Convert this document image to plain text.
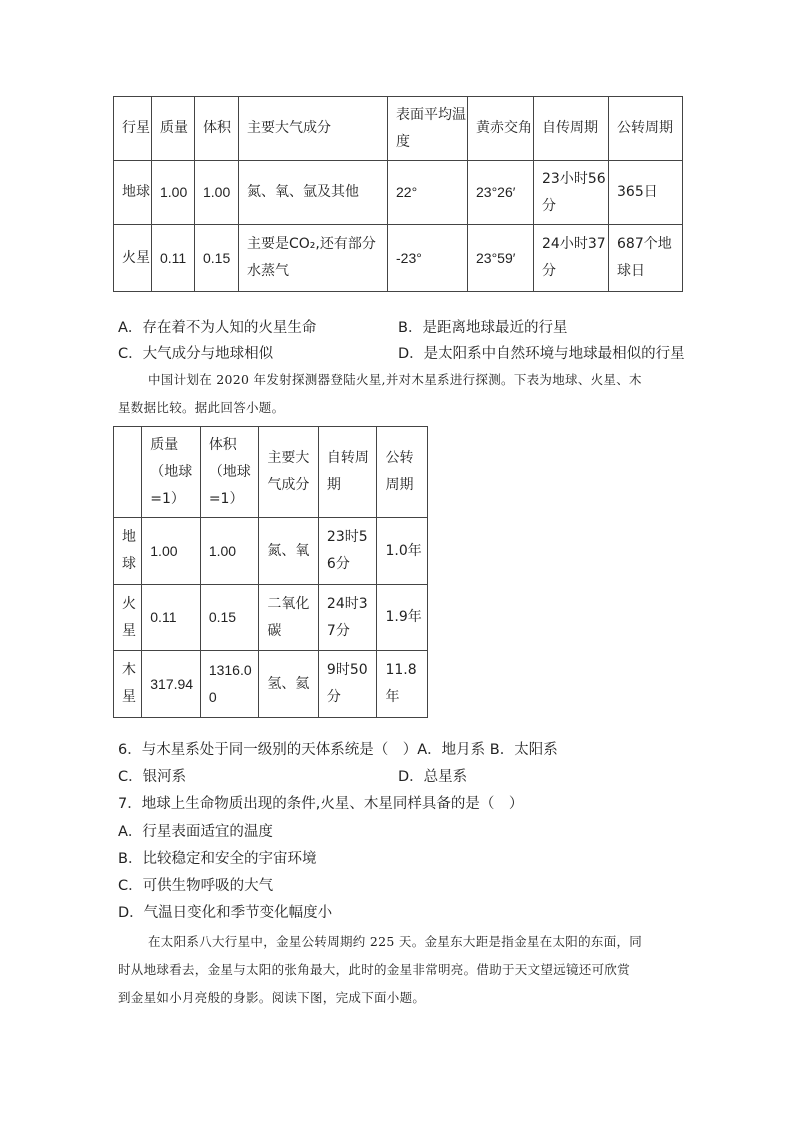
行星	质量	体积	主要大气成分	表面平均温度	黄赤交角	自传周期	公转周期
地球	1.00	1.00	氮、氧、氩及其他	22°	23°26′	23小时56分	365日
火星	0.11	0.15	主要是CO₂,还有部分水蒸气	-23°	23°59′	24小时37分	687个地球日
A．存在着不为人知的火星生命	B．是距离地球最近的行星
C．大气成分与地球相似	D．是太阳系中自然环境与地球最相似的行星
中国计划在 2020 年发射探测器登陆火星,并对木星系进行探测。下表为地球、火星、木
星数据比较。据此回答小题。
	质量（地球=1）	体积（地球=1）	主要大气成分	自转周期	公转周期
地球	1.00	1.00	氮、氧	23时56分	1.0年
火星	0.11	0.15	二氧化碳	24时37分	1.9年
木星	317.94	1316.00	氢、氦	9时50分	11.8年
6．与木星系处于同一级别的天体系统是（　）A．地月系 B．太阳系
C．银河系	D．总星系
7．地球上生命物质出现的条件,火星、木星同样具备的是（　）
A．行星表面适宜的温度
B．比较稳定和安全的宇宙环境
C．可供生物呼吸的大气
D．气温日变化和季节变化幅度小
在太阳系八大行星中，金星公转周期约 225 天。金星东大距是指金星在太阳的东面，同
时从地球看去，金星与太阳的张角最大，此时的金星非常明亮。借助于天文望远镜还可欣赏
到金星如小月亮般的身影。阅读下图，完成下面小题。
